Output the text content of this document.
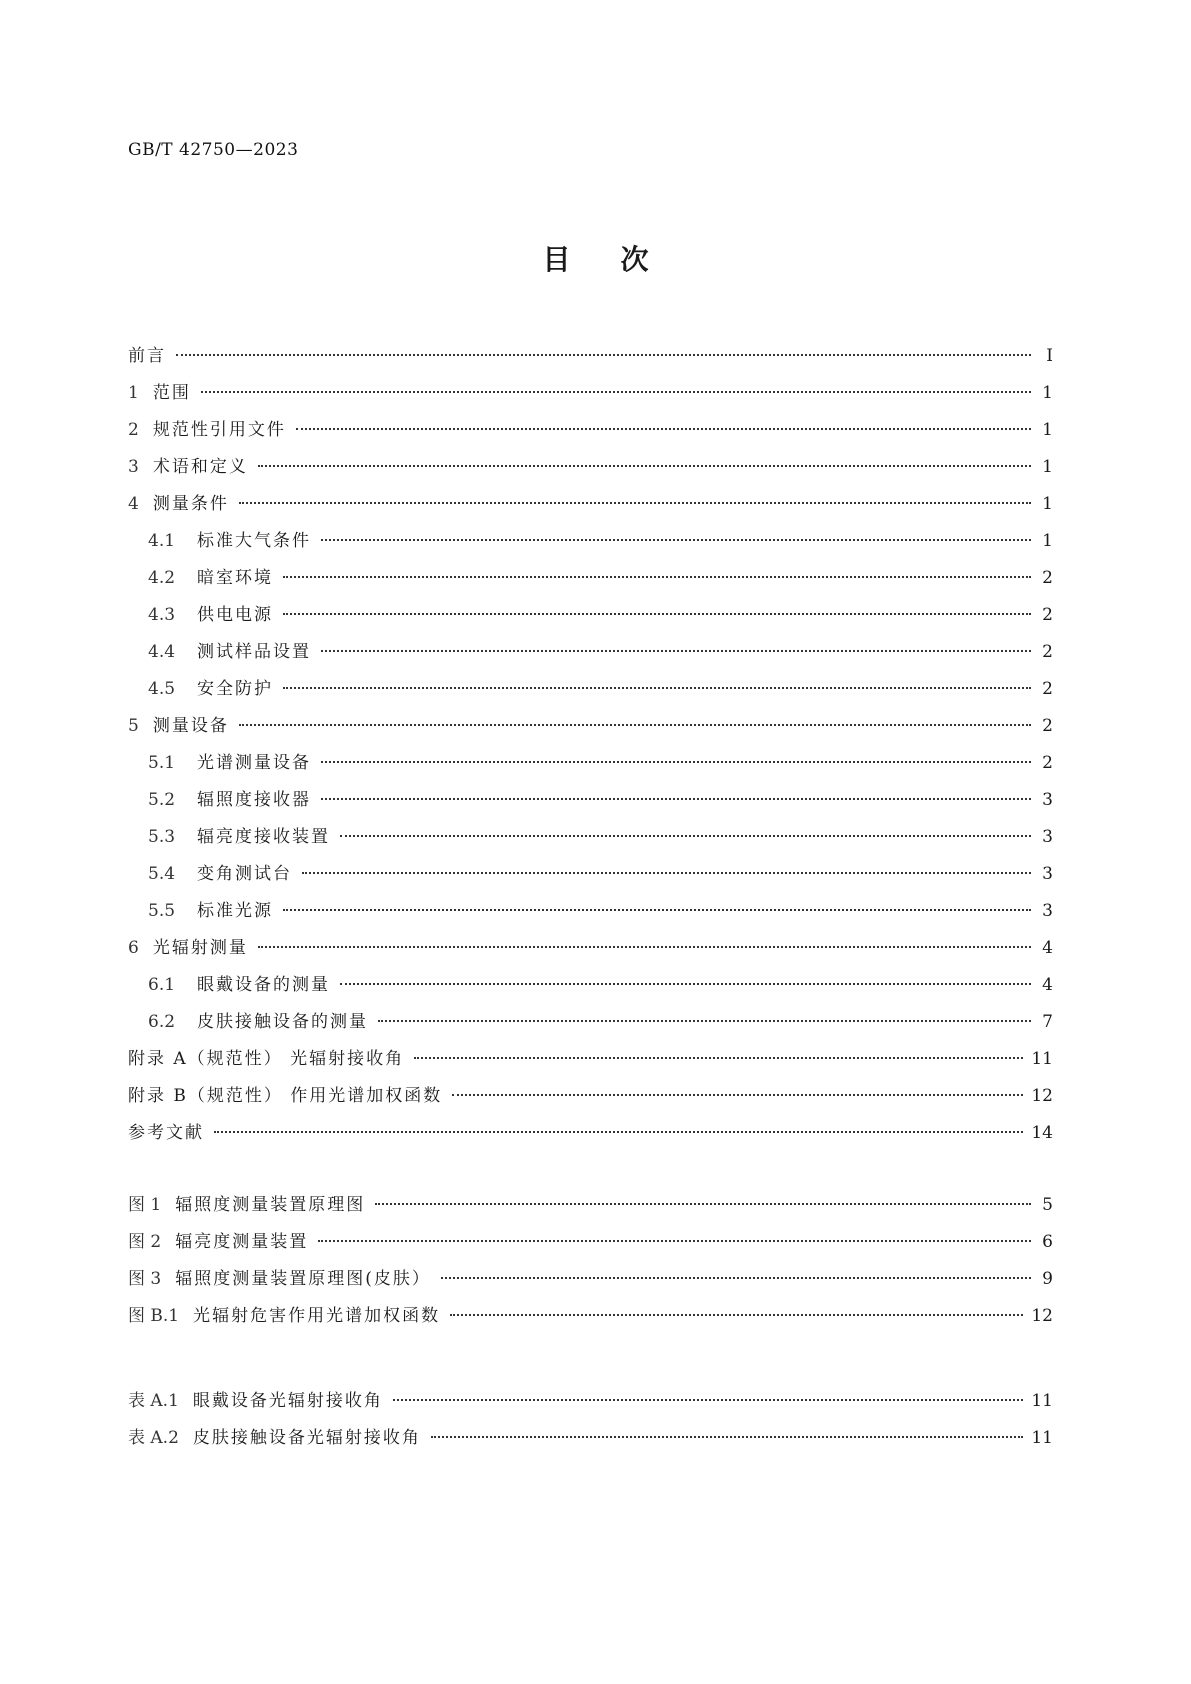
GB/T 42750—2023
目次
前言	Ⅰ
1 范围	1
2 规范性引用文件	1
3 术语和定义	1
4 测量条件	1
4.1 标准大气条件	1
4.2 暗室环境	2
4.3 供电电源	2
4.4 测试样品设置	2
4.5 安全防护	2
5 测量设备	2
5.1 光谱测量设备	2
5.2 辐照度接收器	3
5.3 辐亮度接收装置	3
5.4 变角测试台	3
5.5 标准光源	3
6 光辐射测量	4
6.1 眼戴设备的测量	4
6.2 皮肤接触设备的测量	7
附录 A（规范性） 光辐射接收角	11
附录 B（规范性） 作用光谱加权函数	12
参考文献	14
图 1 辐照度测量装置原理图	5
图 2 辐亮度测量装置	6
图 3 辐照度测量装置原理图(皮肤）	9
图 B.1 光辐射危害作用光谱加权函数	12
表 A.1 眼戴设备光辐射接收角	11
表 A.2 皮肤接触设备光辐射接收角	11
